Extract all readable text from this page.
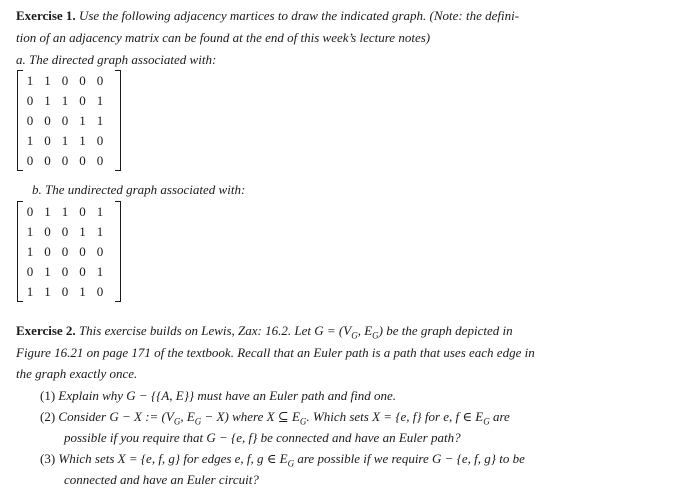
Exercise 1. Use the following adjacency martices to draw the indicated graph. (Note: the defini-
tion of an adjacency matrix can be found at the end of this week’s lecture notes)
a. The directed graph associated with:
1 1 0 0 0
0 1 1 0 1
0 0 0 1 1
1 0 1 1 0
0 0 0 0 0
b. The undirected graph associated with:
0 1 1 0 1
1 0 0 1 1
1 0 0 0 0
0 1 0 0 1
1 1 0 1 0
Exercise 2. This exercise builds on Lewis, Zax: 16.2. Let $G = (V_G$, $E_G$) be the graph depicted in
Figure 16.21 on page 171 of the textbook. Recall that an Euler path is a path that uses each edge in
the graph exactly once.
(1) Explain why G − {{A, E}} must have an Euler path and find one.
(2) Consider G − X := ($V_G$, $E_G - X$) where X ⊆ $E_G$. Which sets X = {e, f} for e, f ∈ $E_G$ are
possible if you require that G − {e, f} be connected and have an Euler path?
(3) Which sets X = {e, f, g} for edges e, f, g ∈ $E_G$ are possible if we require G − {e, f, g} to be
connected and have an Euler circuit?
